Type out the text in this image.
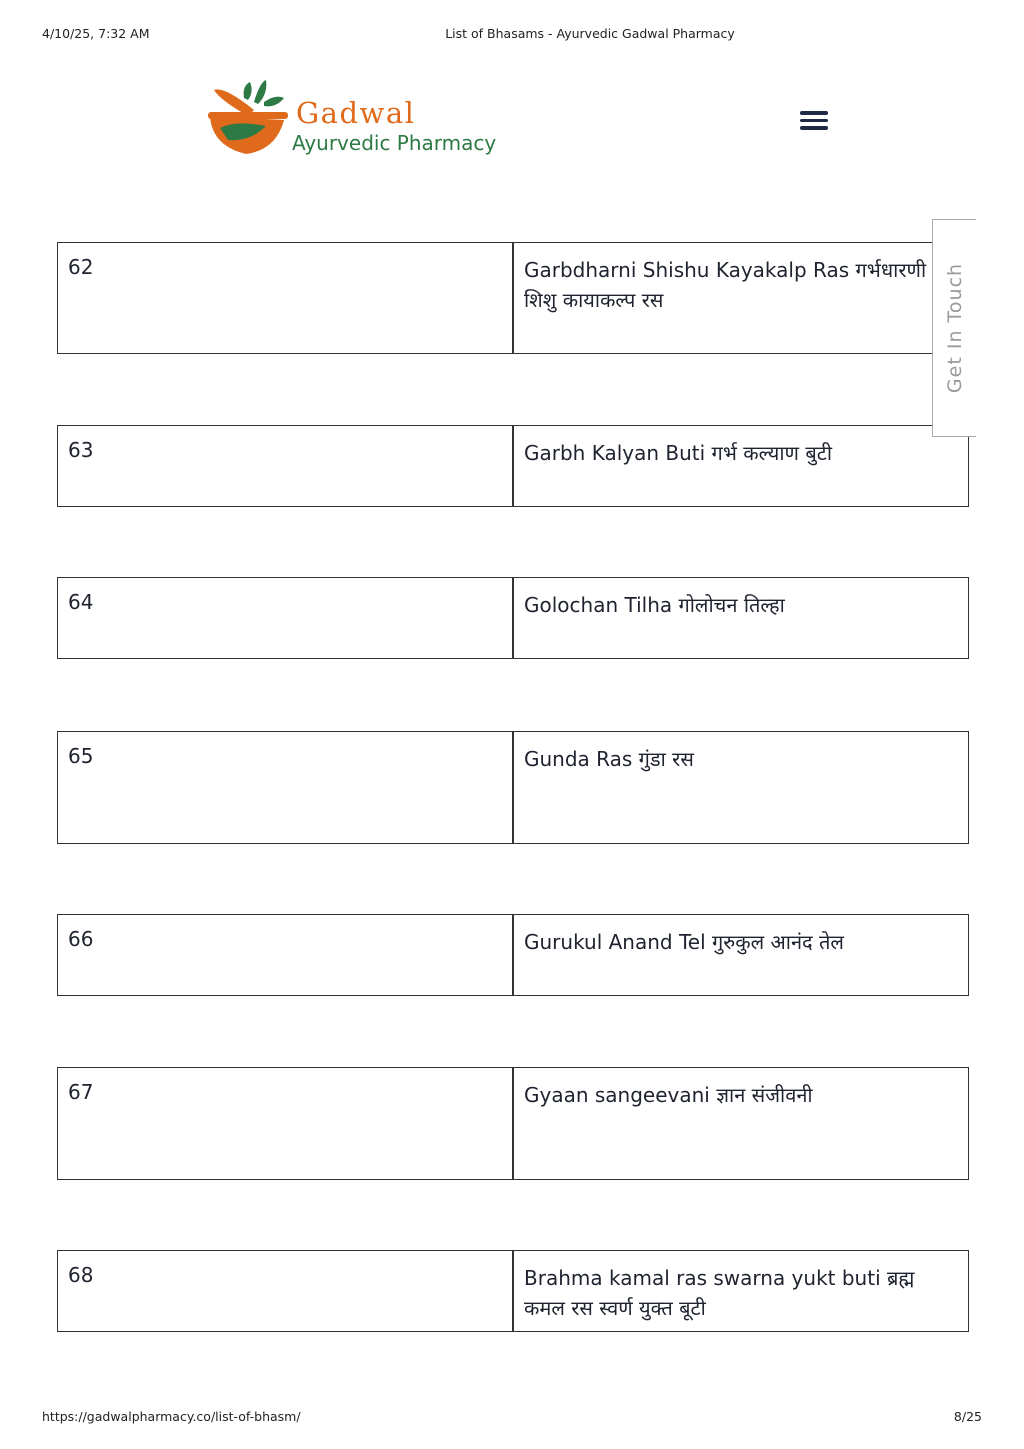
4/10/25, 7:32 AM	List of Bhasams - Ayurvedic Gadwal Pharmacy
Gadwal
Ayurvedic Pharmacy
62	Garbdharni Shishu Kayakalp Ras गर्भधारणी शिशु कायाकल्प रस
63	Garbh Kalyan Buti गर्भ कल्याण बुटी
64	Golochan Tilha गोलोचन तिल्हा
65	Gunda Ras गुंडा रस
66	Gurukul Anand Tel गुरुकुल आनंद तेल
67	Gyaan sangeevani ज्ञान संजीवनी
68	Brahma kamal ras swarna yukt buti ब्रह्म कमल रस स्वर्ण युक्त बूटी
Get In Touch
https://gadwalpharmacy.co/list-of-bhasm/	8/25
